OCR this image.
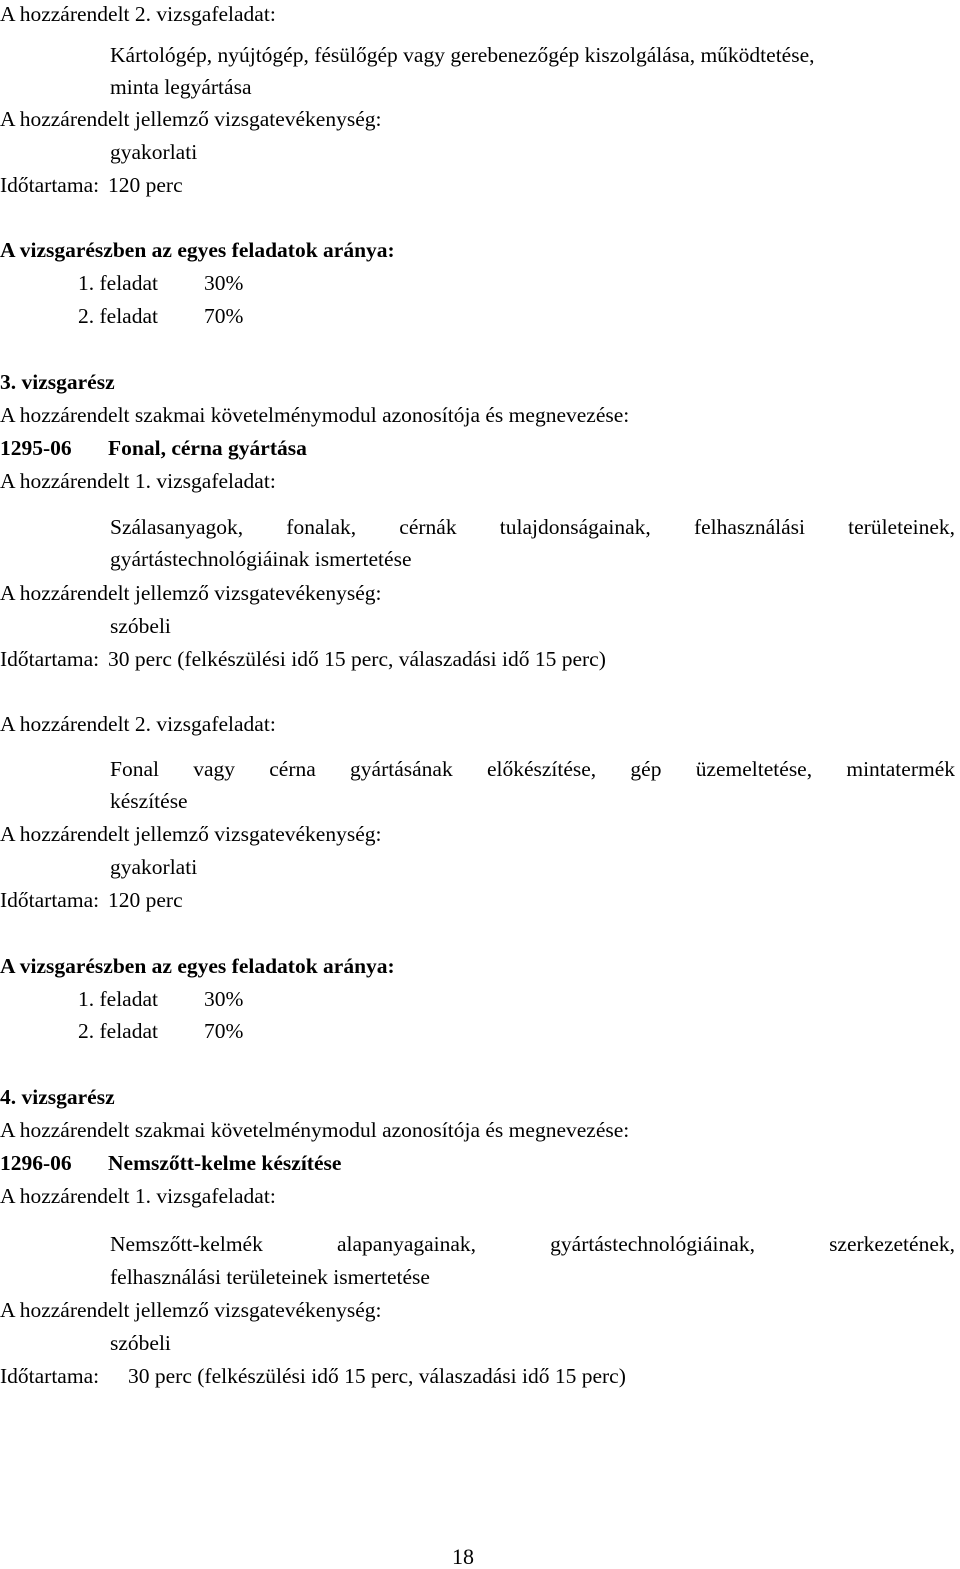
A hozzárendelt 2. vizsgafeladat:
Kártológép, nyújtógép, fésülőgép vagy gerebenezőgép kiszolgálása, működtetése,
minta legyártása
A hozzárendelt jellemző vizsgatevékenység:
gyakorlati
Időtartama: 120 perc
A vizsgarészben az egyes feladatok aránya:
1. feladat 30%
2. feladat 70%
3. vizsgarész
A hozzárendelt szakmai követelménymodul azonosítója és megnevezése:
1295-06 Fonal, cérna gyártása
A hozzárendelt 1. vizsgafeladat:
Szálasanyagok, fonalak, cérnák tulajdonságainak, felhasználási területeinek,
gyártástechnológiáinak ismertetése
A hozzárendelt jellemző vizsgatevékenység:
szóbeli
Időtartama: 30 perc (felkészülési idő 15 perc, válaszadási idő 15 perc)
A hozzárendelt 2. vizsgafeladat:
Fonal vagy cérna gyártásának előkészítése, gép üzemeltetése, mintatermék
készítése
A hozzárendelt jellemző vizsgatevékenység:
gyakorlati
Időtartama: 120 perc
A vizsgarészben az egyes feladatok aránya:
1. feladat 30%
2. feladat 70%
4. vizsgarész
A hozzárendelt szakmai követelménymodul azonosítója és megnevezése:
1296-06 Nemszőtt-kelme készítése
A hozzárendelt 1. vizsgafeladat:
Nemszőtt-kelmék alapanyagainak, gyártástechnológiáinak, szerkezetének,
felhasználási területeinek ismertetése
A hozzárendelt jellemző vizsgatevékenység:
szóbeli
Időtartama: 30 perc (felkészülési idő 15 perc, válaszadási idő 15 perc)
18
